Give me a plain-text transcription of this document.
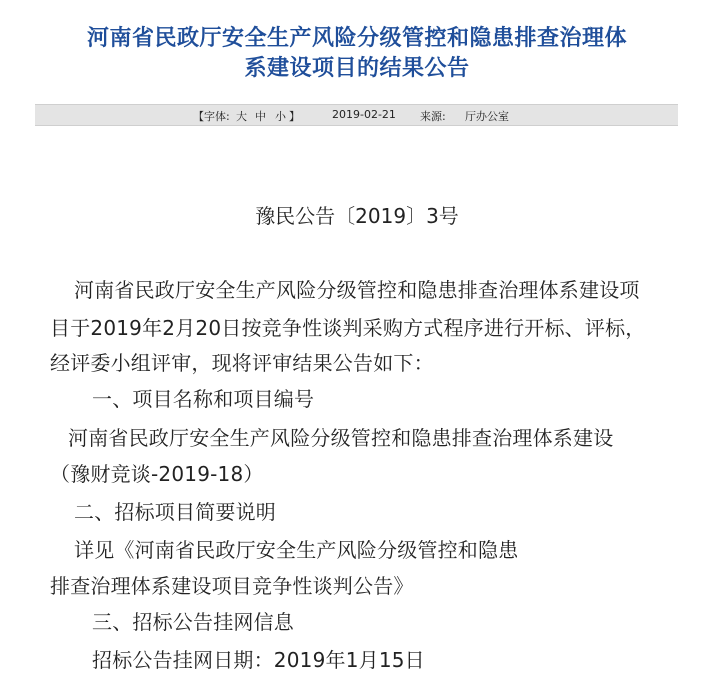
河南省民政厅安全生产风险分级管控和隐患排查治理体
系建设项目的结果公告
【字体: 大 中 小 】	2019-02-21 来源: 厅办公室
豫民公告〔2019〕3号
河南省民政厅安全生产风险分级管控和隐患排查治理体系建设项
目于2019年2月20日按竞争性谈判采购方式程序进行开标、评标，
经评委小组评审，现将评审结果公告如下：
一、项目名称和项目编号
河南省民政厅安全生产风险分级管控和隐患排查治理体系建设
（豫财竞谈-2019-18）
二、招标项目简要说明
详见《河南省民政厅安全生产风险分级管控和隐患
排查治理体系建设项目竞争性谈判公告》
三、招标公告挂网信息
招标公告挂网日期：2019年1月15日
